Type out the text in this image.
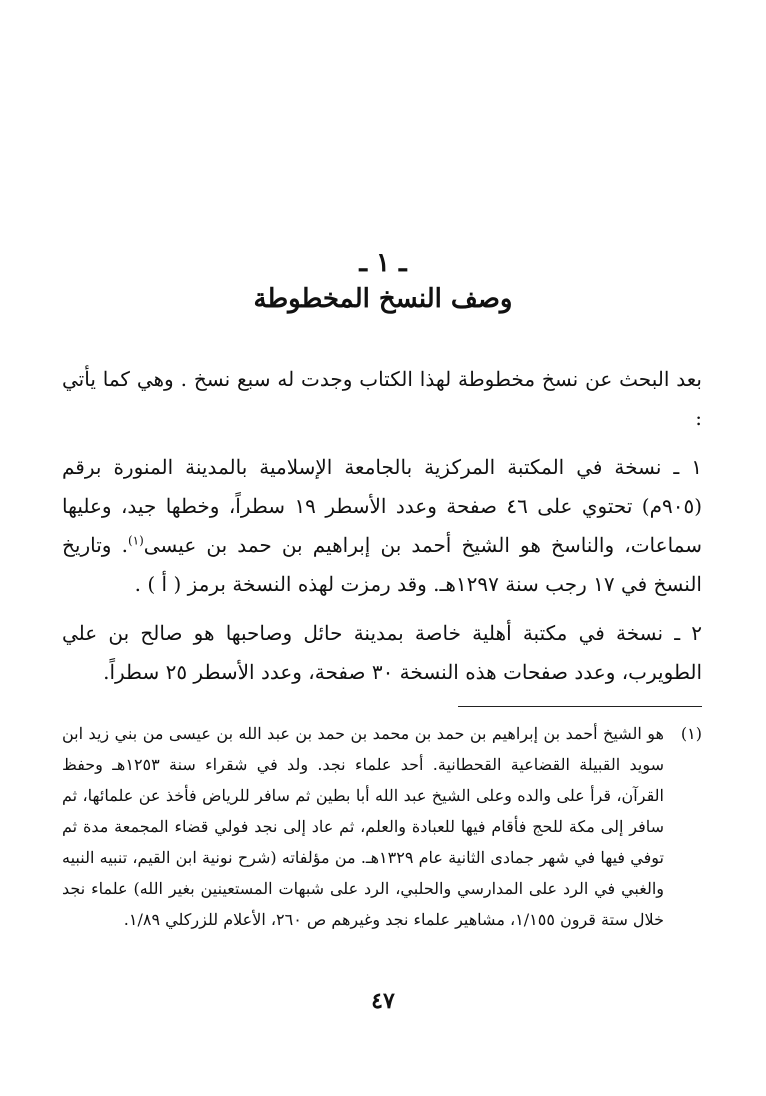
ـ ١ ـ
وصف النسخ المخطوطة

بعد البحث عن نسخ مخطوطة لهذا الكتاب وجدت له سبع نسخ . وهي كما يأتي :

١ ـ نسخة في المكتبة المركزية بالجامعة الإسلامية بالمدينة المنورة برقم (٩٠٥م) تحتوي على ٤٦ صفحة وعدد الأسطر ١٩ سطراً، وخطها جيد، وعليها سماعات، والناسخ هو الشيخ أحمد بن إبراهيم بن حمد بن عيسى$^{(١)}$. وتاريخ النسخ في ١٧ رجب سنة ١٢٩٧هـ. وقد رمزت لهذه النسخة برمز ( أ ) .

٢ ـ نسخة في مكتبة أهلية خاصة بمدينة حائل وصاحبها هو صالح بن علي الطويرب، وعدد صفحات هذه النسخة ٣٠ صفحة، وعدد الأسطر ٢٥ سطراً.

(١)
هو الشيخ أحمد بن إبراهيم بن حمد بن محمد بن حمد بن عبد الله بن عيسى من بني زيد ابن سويد القبيلة القضاعية القحطانية. أحد علماء نجد. ولد في شقراء سنة ١٢٥٣هـ وحفظ القرآن، قرأ على والده وعلى الشيخ عبد الله أبا بطين ثم سافر للرياض فأخذ عن علمائها، ثم سافر إلى مكة للحج فأقام فيها للعبادة والعلم، ثم عاد إلى نجد فولي قضاء المجمعة مدة ثم توفي فيها في شهر جمادى الثانية عام ١٣٢٩هـ. من مؤلفاته (شرح نونية ابن القيم، تنبيه النبيه والغبي في الرد على المدارسي والحلبي، الرد على شبهات المستعينين بغير الله) علماء نجد خلال ستة قرون ١/١٥٥، مشاهير علماء نجد وغيرهم ص ٢٦٠، الأعلام للزركلي ١/٨٩.
٤٧
